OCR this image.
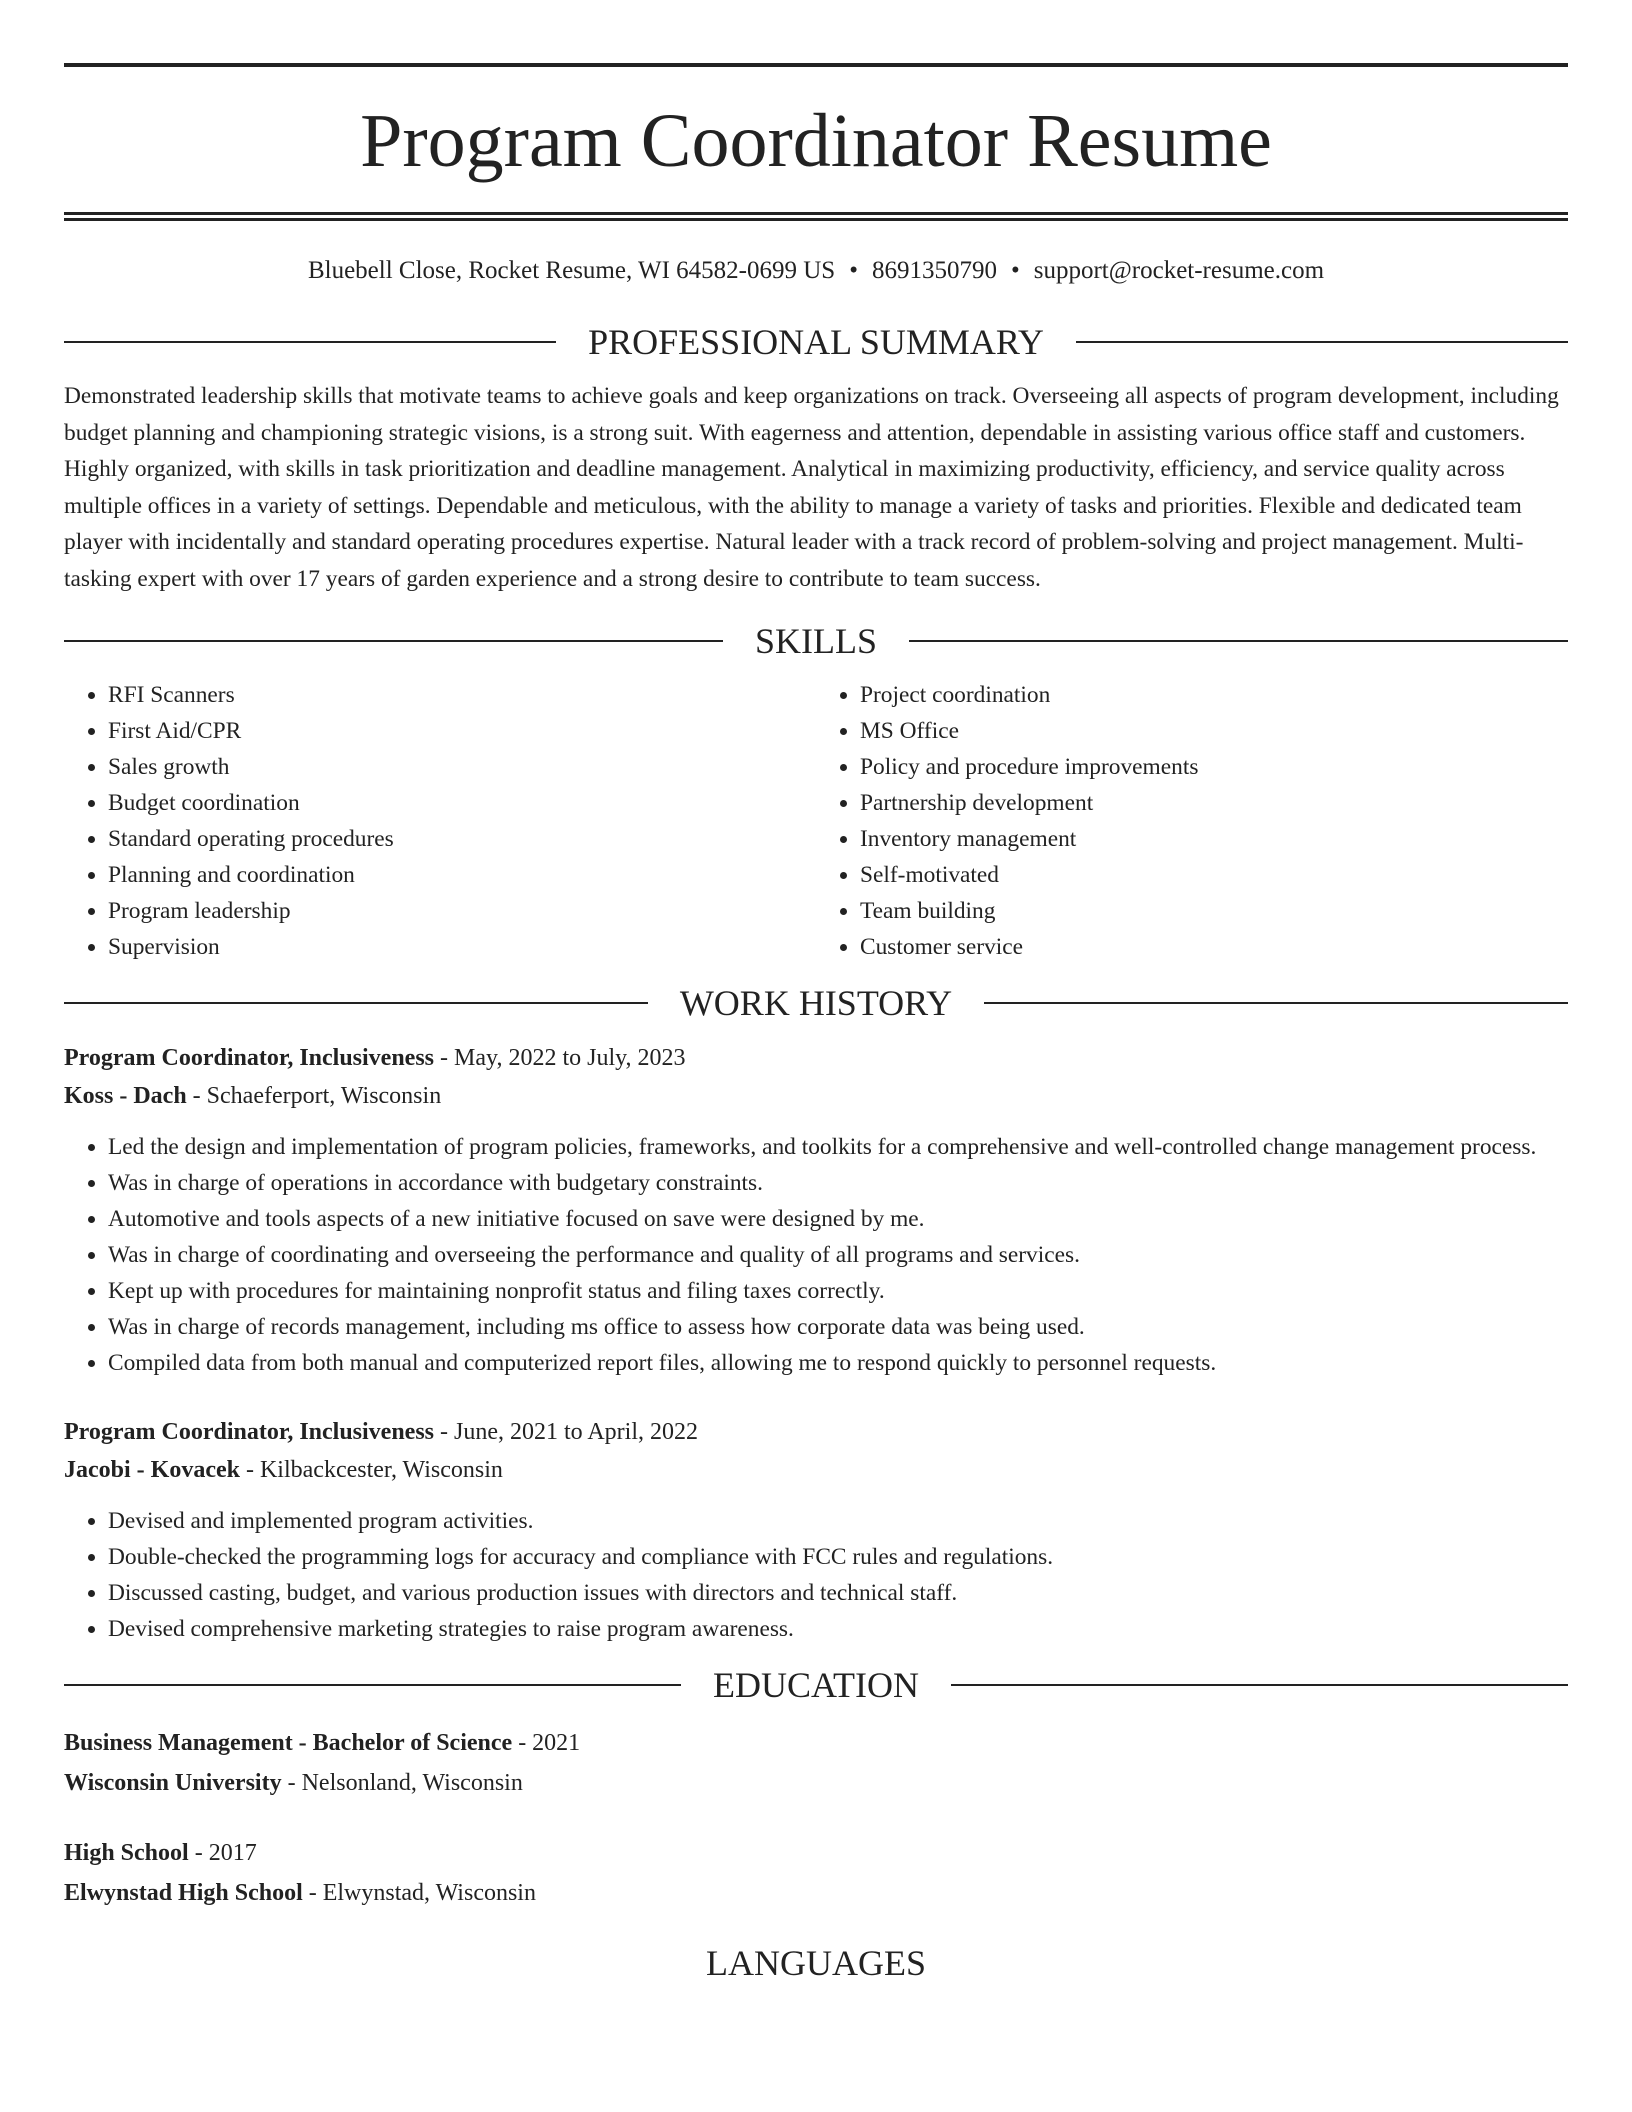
Program Coordinator Resume
Bluebell Close, Rocket Resume, WI 64582-0699 US • 8691350790 • support@rocket-resume.com
PROFESSIONAL SUMMARY

Demonstrated leadership skills that motivate teams to achieve goals and keep organizations on track. Overseeing all aspects of program development, including budget planning and championing strategic visions, is a strong suit. With eagerness and attention, dependable in assisting various office staff and customers. Highly organized, with skills in task prioritization and deadline management. Analytical in maximizing productivity, efficiency, and service quality across multiple offices in a variety of settings. Dependable and meticulous, with the ability to manage a variety of tasks and priorities. Flexible and dedicated team player with incidentally and standard operating procedures expertise. Natural leader with a track record of problem-solving and project management. Multi-tasking expert with over 17 years of garden experience and a strong desire to contribute to team success.

SKILLS
• RFI Scanners
• First Aid/CPR
• Sales growth
• Budget coordination
• Standard operating procedures
• Planning and coordination
• Program leadership
• Supervision
• Project coordination
• MS Office
• Policy and procedure improvements
• Partnership development
• Inventory management
• Self-motivated
• Team building
• Customer service
WORK HISTORY
Program Coordinator, Inclusiveness - May, 2022 to July, 2023
Koss - Dach - Schaeferport, Wisconsin
• Led the design and implementation of program policies, frameworks, and toolkits for a comprehensive and well-controlled change management process.
• Was in charge of operations in accordance with budgetary constraints.
• Automotive and tools aspects of a new initiative focused on save were designed by me.
• Was in charge of coordinating and overseeing the performance and quality of all programs and services.
• Kept up with procedures for maintaining nonprofit status and filing taxes correctly.
• Was in charge of records management, including ms office to assess how corporate data was being used.
• Compiled data from both manual and computerized report files, allowing me to respond quickly to personnel requests.
Program Coordinator, Inclusiveness - June, 2021 to April, 2022
Jacobi - Kovacek - Kilbackcester, Wisconsin
• Devised and implemented program activities.
• Double-checked the programming logs for accuracy and compliance with FCC rules and regulations.
• Discussed casting, budget, and various production issues with directors and technical staff.
• Devised comprehensive marketing strategies to raise program awareness.
EDUCATION
Business Management - Bachelor of Science - 2021
Wisconsin University - Nelsonland, Wisconsin
High School - 2017
Elwynstad High School - Elwynstad, Wisconsin
LANGUAGES
